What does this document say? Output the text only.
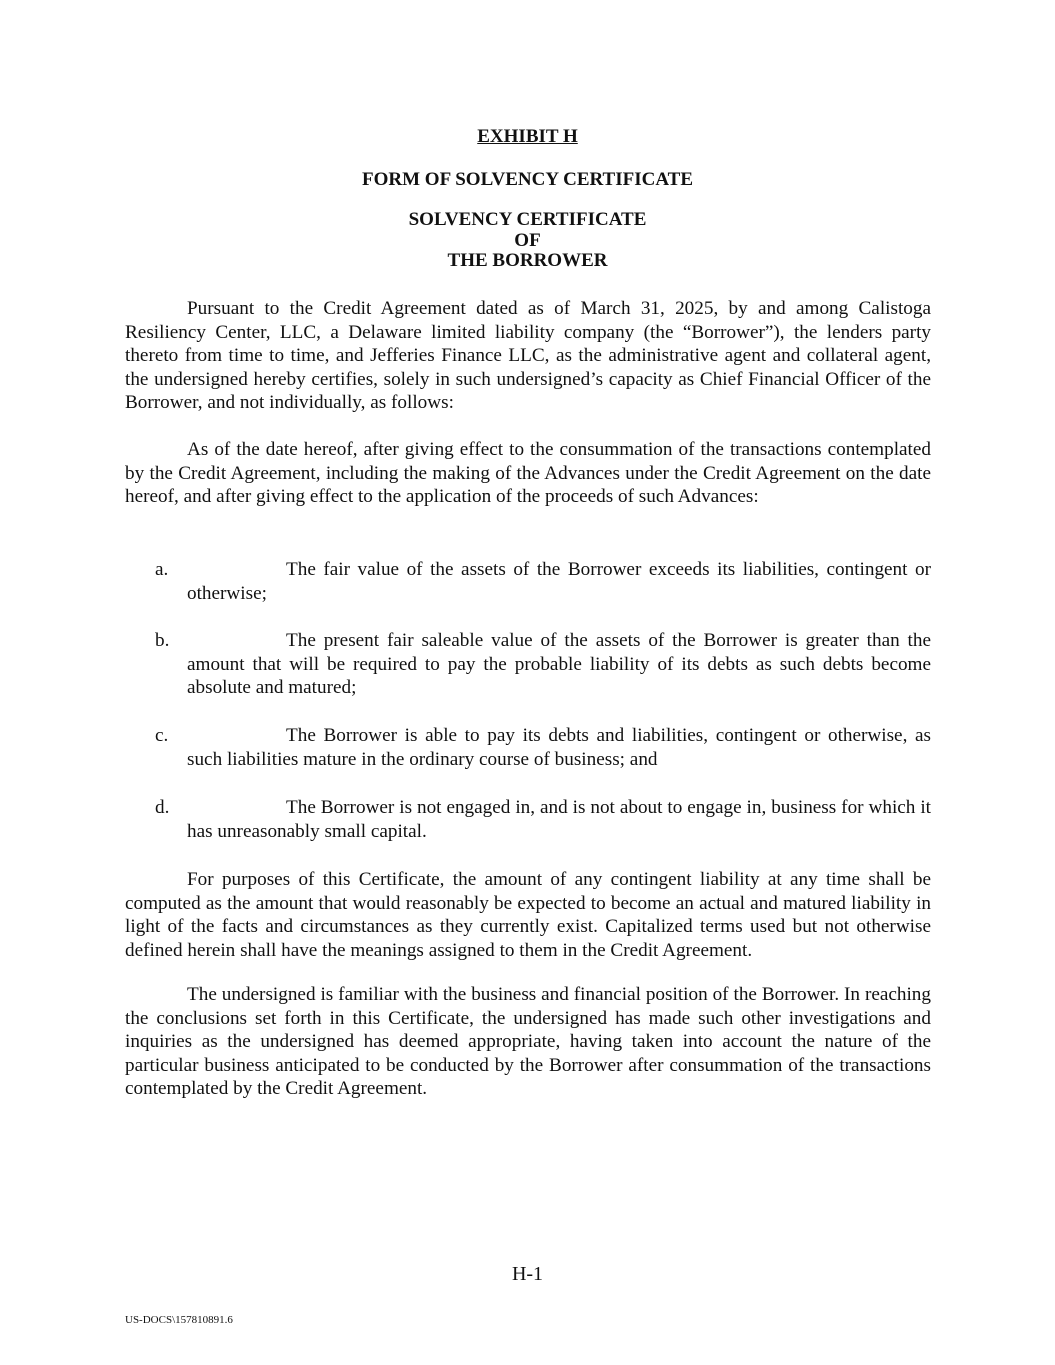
EXHIBIT H

FORM OF SOLVENCY CERTIFICATE

SOLVENCY CERTIFICATE
OF
THE BORROWER

Pursuant to the Credit Agreement dated as of March 31, 2025, by and among Calistoga Resiliency Center, LLC, a Delaware limited liability company (the “Borrower”), the lenders party thereto from time to time, and Jefferies Finance LLC, as the administrative agent and collateral agent, the undersigned hereby certifies, solely in such undersigned’s capacity as Chief Financial Officer of the Borrower, and not individually, as follows:

As of the date hereof, after giving effect to the consummation of the transactions contemplated by the Credit Agreement, including the making of the Advances under the Credit Agreement on the date hereof, and after giving effect to the application of the proceeds of such Advances:

a.	The fair value of the assets of the Borrower exceeds its liabilities, contingent or otherwise;
b.	The present fair saleable value of the assets of the Borrower is greater than the amount that will be required to pay the probable liability of its debts as such debts become absolute and matured;
c.	The Borrower is able to pay its debts and liabilities, contingent or otherwise, as such liabilities mature in the ordinary course of business; and
d.	The Borrower is not engaged in, and is not about to engage in, business for which it has unreasonably small capital.

For purposes of this Certificate, the amount of any contingent liability at any time shall be computed as the amount that would reasonably be expected to become an actual and matured liability in light of the facts and circumstances as they currently exist. Capitalized terms used but not otherwise defined herein shall have the meanings assigned to them in the Credit Agreement.

The undersigned is familiar with the business and financial position of the Borrower. In reaching the conclusions set forth in this Certificate, the undersigned has made such other investigations and inquiries as the undersigned has deemed appropriate, having taken into account the nature of the particular business anticipated to be conducted by the Borrower after consummation of the transactions contemplated by the Credit Agreement.

H-1

US-DOCS\157810891.6
